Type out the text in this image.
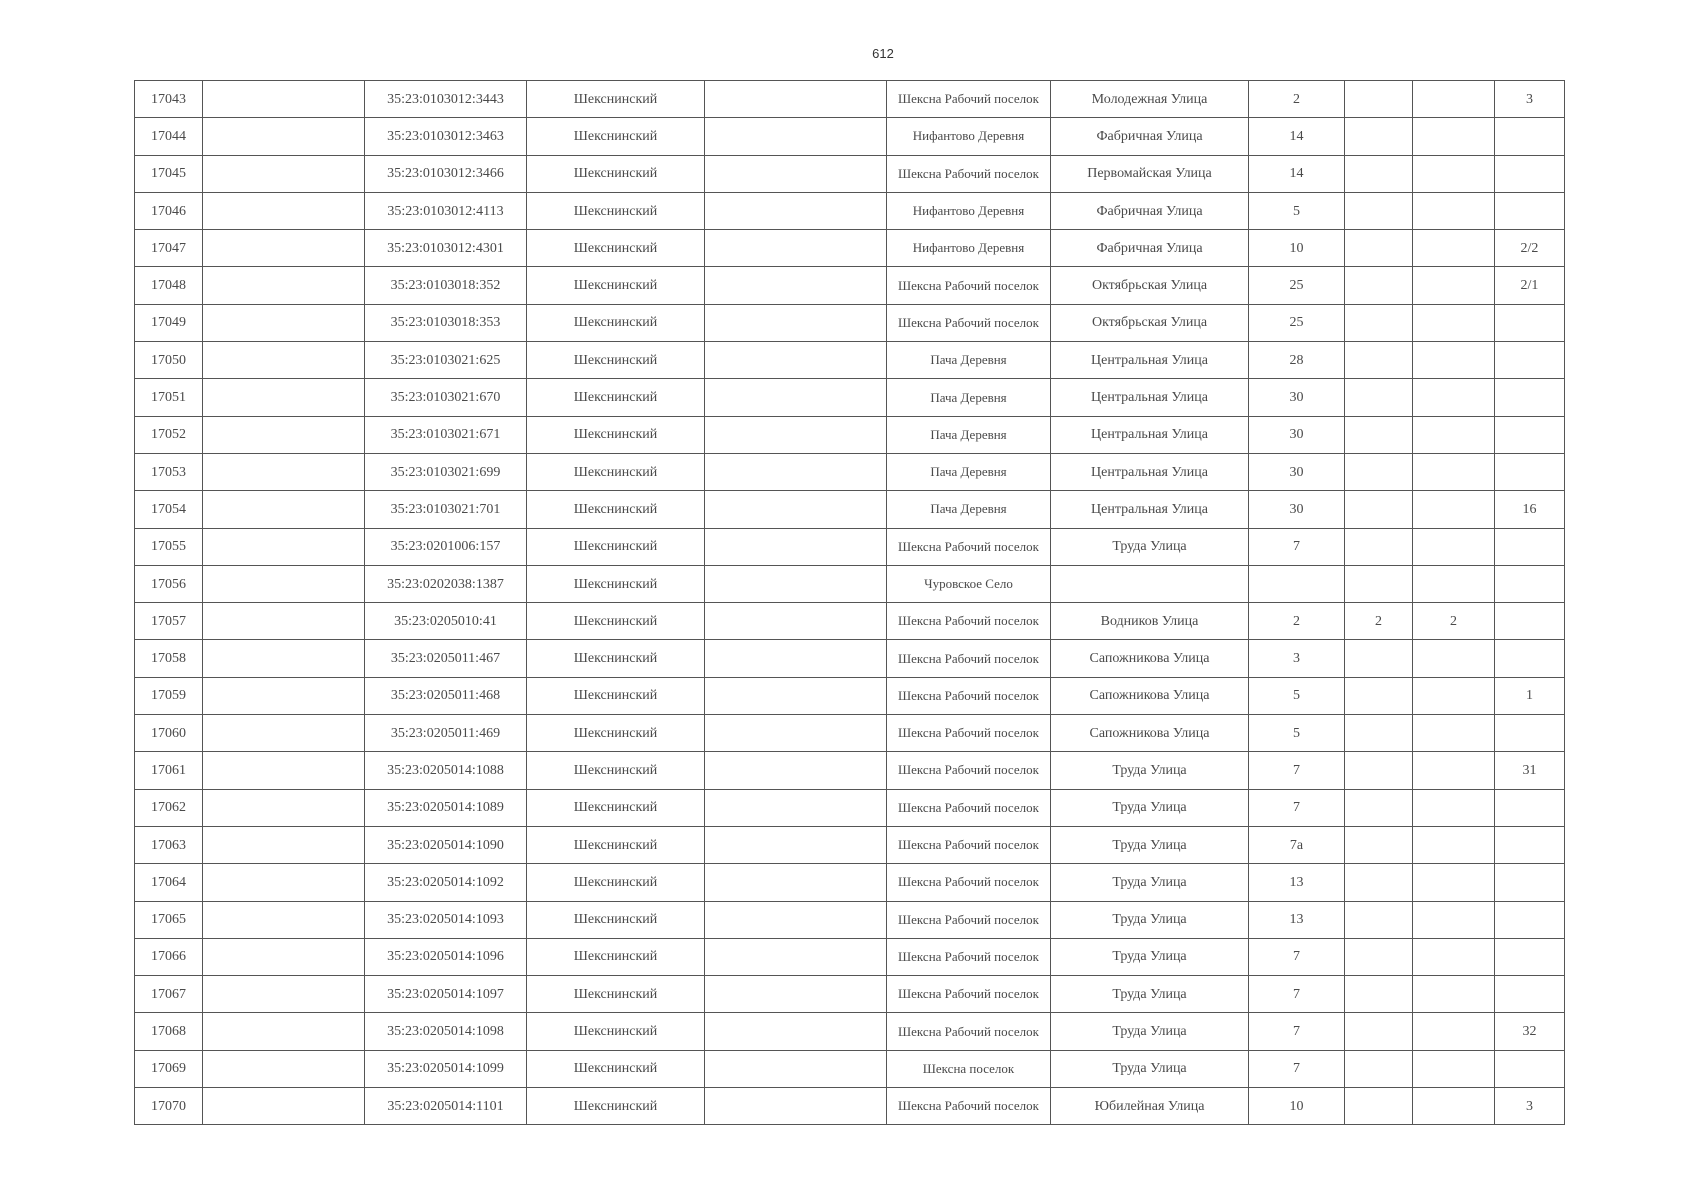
612
17043		35:23:0103012:3443	Шекснинский		Шексна Рабочий поселок	Молодежная Улица	2			3
17044		35:23:0103012:3463	Шекснинский		Нифантово Деревня	Фабричная Улица	14			
17045		35:23:0103012:3466	Шекснинский		Шексна Рабочий поселок	Первомайская Улица	14			
17046		35:23:0103012:4113	Шекснинский		Нифантово Деревня	Фабричная Улица	5			
17047		35:23:0103012:4301	Шекснинский		Нифантово Деревня	Фабричная Улица	10			2/2
17048		35:23:0103018:352	Шекснинский		Шексна Рабочий поселок	Октябрьская Улица	25			2/1
17049		35:23:0103018:353	Шекснинский		Шексна Рабочий поселок	Октябрьская Улица	25			
17050		35:23:0103021:625	Шекснинский		Пача Деревня	Центральная Улица	28			
17051		35:23:0103021:670	Шекснинский		Пача Деревня	Центральная Улица	30			
17052		35:23:0103021:671	Шекснинский		Пача Деревня	Центральная Улица	30			
17053		35:23:0103021:699	Шекснинский		Пача Деревня	Центральная Улица	30			
17054		35:23:0103021:701	Шекснинский		Пача Деревня	Центральная Улица	30			16
17055		35:23:0201006:157	Шекснинский		Шексна Рабочий поселок	Труда Улица	7			
17056		35:23:0202038:1387	Шекснинский		Чуровское Село					
17057		35:23:0205010:41	Шекснинский		Шексна Рабочий поселок	Водников Улица	2	2	2	
17058		35:23:0205011:467	Шекснинский		Шексна Рабочий поселок	Сапожникова Улица	3			
17059		35:23:0205011:468	Шекснинский		Шексна Рабочий поселок	Сапожникова Улица	5			1
17060		35:23:0205011:469	Шекснинский		Шексна Рабочий поселок	Сапожникова Улица	5			
17061		35:23:0205014:1088	Шекснинский		Шексна Рабочий поселок	Труда Улица	7			31
17062		35:23:0205014:1089	Шекснинский		Шексна Рабочий поселок	Труда Улица	7			
17063		35:23:0205014:1090	Шекснинский		Шексна Рабочий поселок	Труда Улица	7а			
17064		35:23:0205014:1092	Шекснинский		Шексна Рабочий поселок	Труда Улица	13			
17065		35:23:0205014:1093	Шекснинский		Шексна Рабочий поселок	Труда Улица	13			
17066		35:23:0205014:1096	Шекснинский		Шексна Рабочий поселок	Труда Улица	7			
17067		35:23:0205014:1097	Шекснинский		Шексна Рабочий поселок	Труда Улица	7			
17068		35:23:0205014:1098	Шекснинский		Шексна Рабочий поселок	Труда Улица	7			32
17069		35:23:0205014:1099	Шекснинский		Шексна поселок	Труда Улица	7			
17070		35:23:0205014:1101	Шекснинский		Шексна Рабочий поселок	Юбилейная Улица	10			3
